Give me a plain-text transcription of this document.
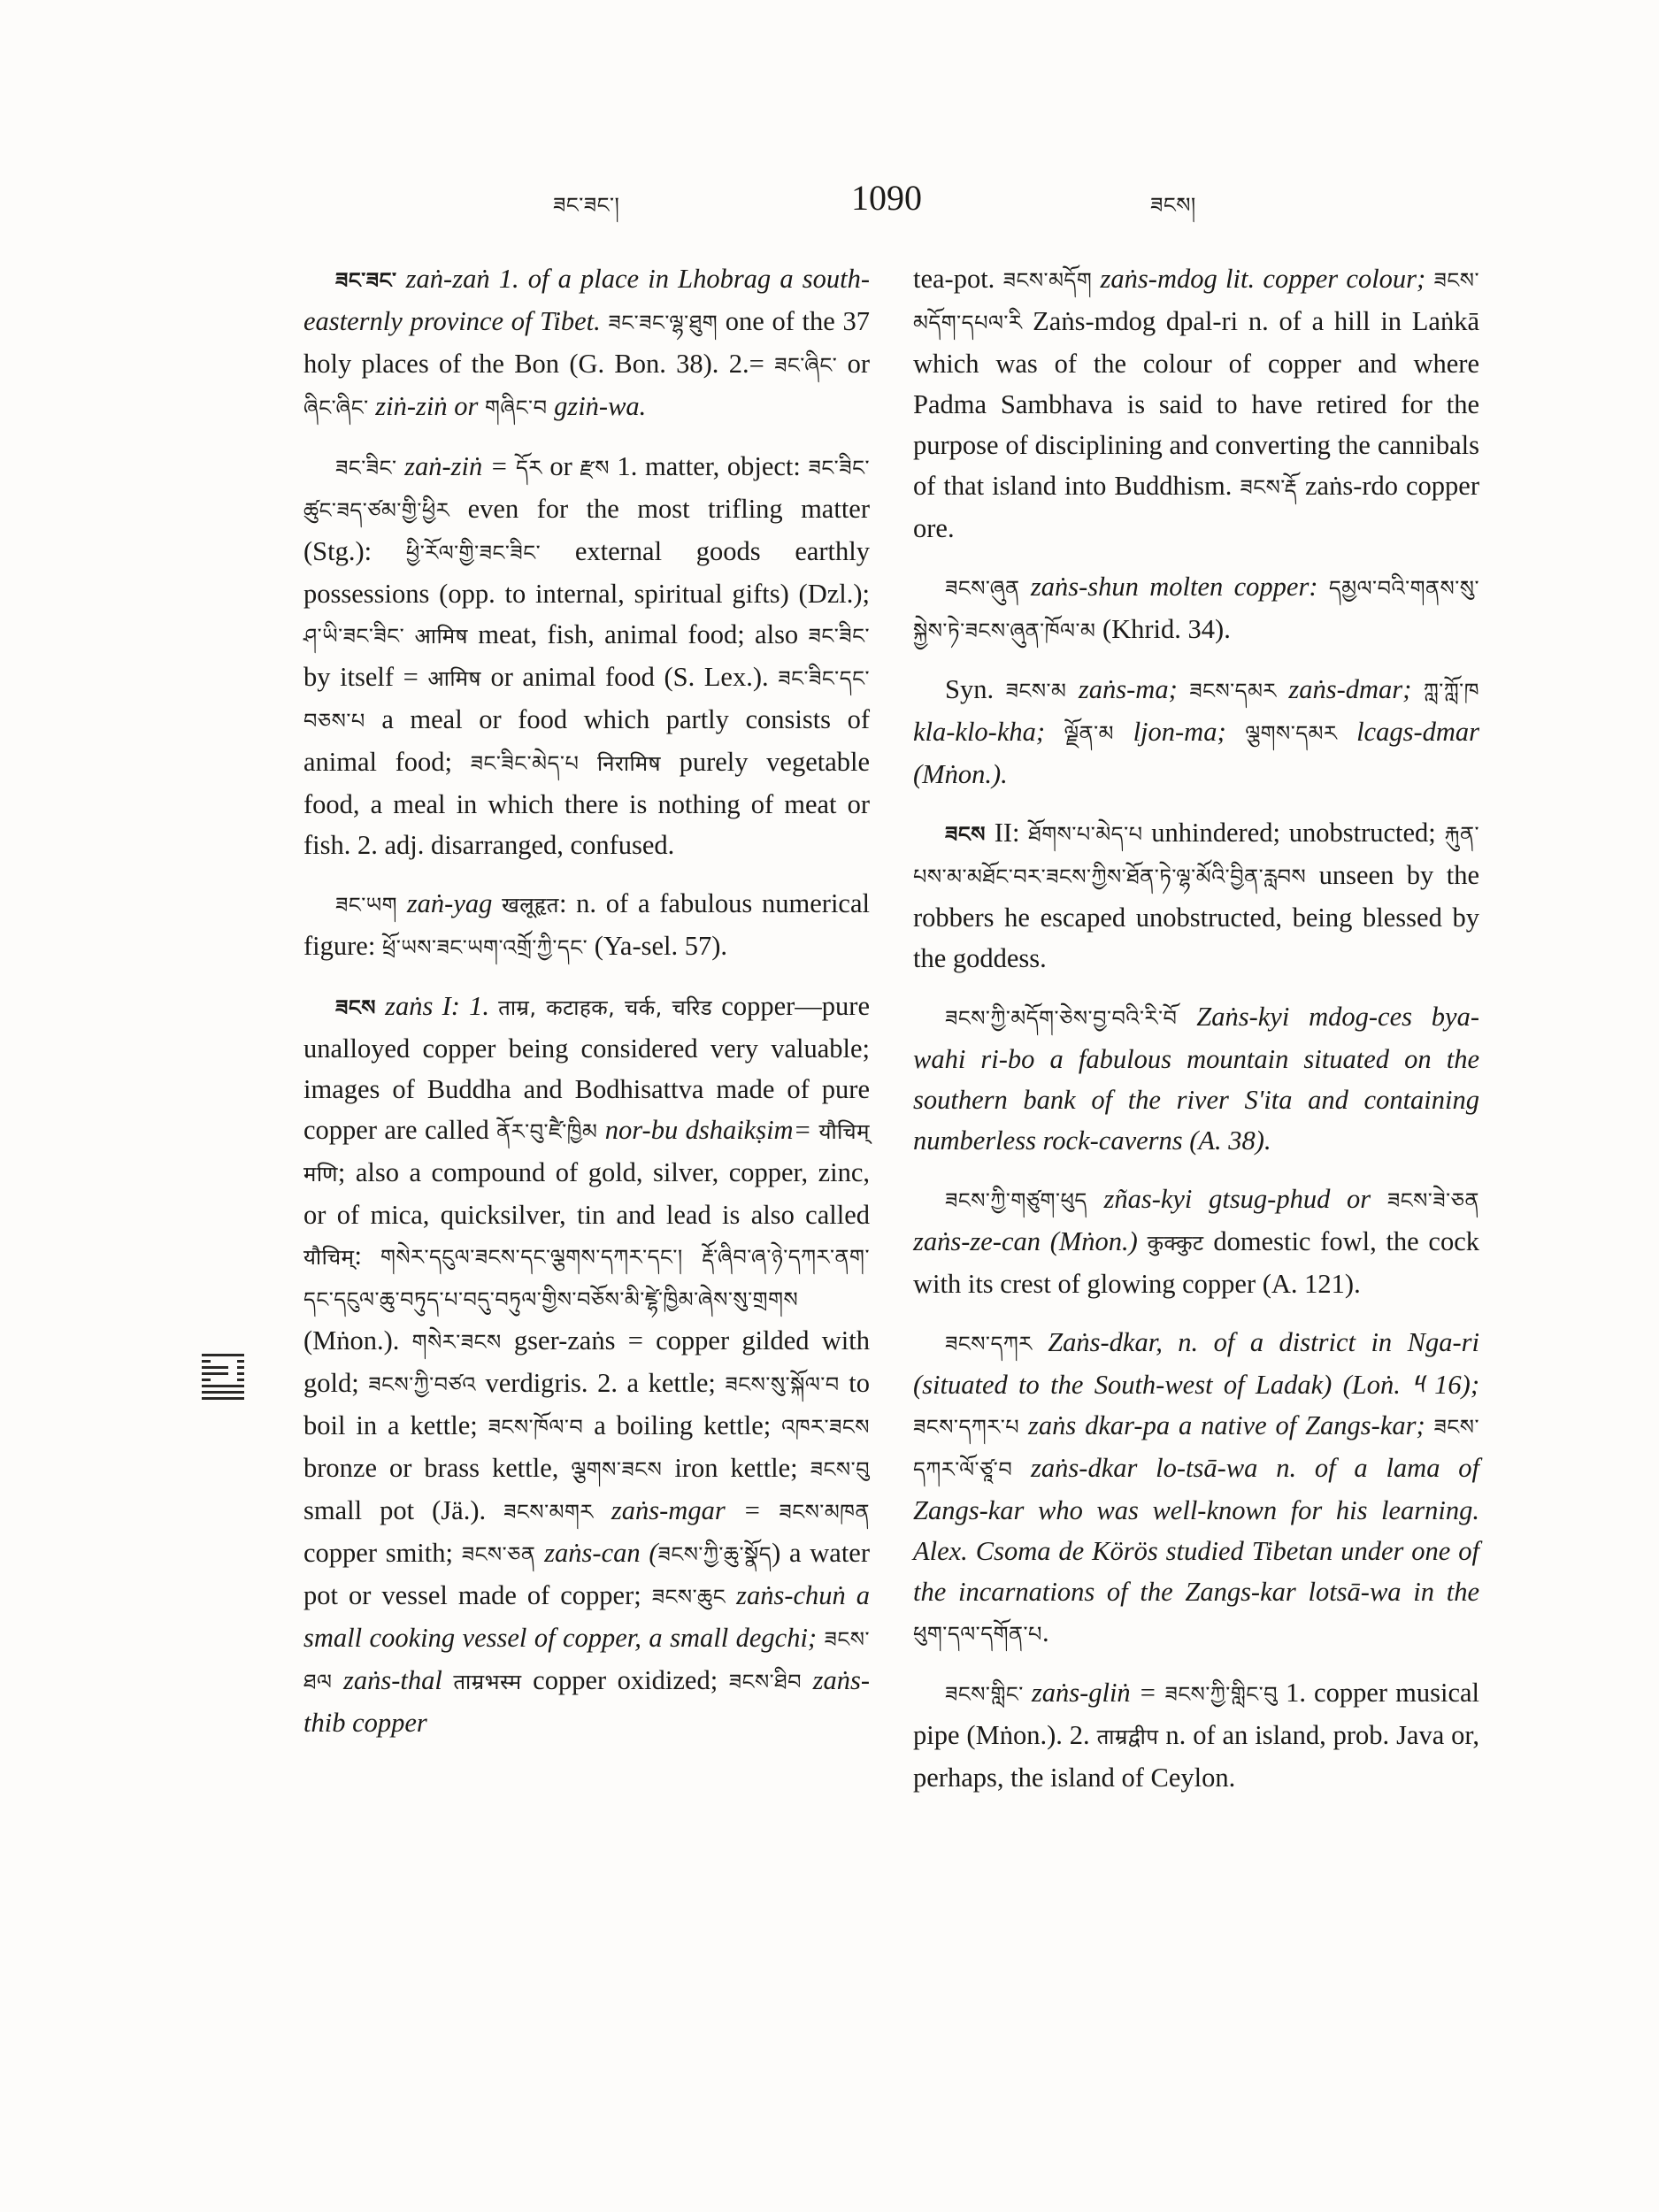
ཟང་ཟང་།	1090	ཟངས།

ཟང་ཟང་ zaṅ-zaṅ 1. of a place in Lhobrag a south-easternly province of Tibet. ཟང་ཟང་ལྷ་ཐུག one of the 37 holy places of the Bon (G. Bon. 38). 2.= ཟང་ཞིང་ or ཞིང་ཞིང་ ziṅ-ziṅ or གཞིང་བ gziṅ-wa.

ཟང་ཟིང་ zaṅ-ziṅ = དོར or རྫས 1. matter, object: ཟང་ཟིང་ཚུང་ཟད་ཙམ་གྱི་ཕྱིར even for the most trifling matter (Stg.): ཕྱི་རོལ་གྱི་ཟང་ཟིང་ external goods earthly possessions (opp. to internal, spiritual gifts) (Dzl.); ཤ་ཡི་ཟང་ཟིང་ आमिष meat, fish, animal food; also ཟང་ཟིང་ by itself = आमिष or animal food (S. Lex.). ཟང་ཟིང་དང་བཅས་པ a meal or food which partly consists of animal food; ཟང་ཟིང་མེད་པ निरामिष purely vegetable food, a meal in which there is nothing of meat or fish. 2. adj. disarranged, confused.

ཟང་ཡག zaṅ-yag खलूहृत: n. of a fabulous numerical figure: ཕྲོ་ཡས་ཟང་ཡག་འགྲོ་ཀྱི་དང་ (Ya-sel. 57).

ཟངས zaṅs I: 1. ताम्र, कटाहक, चर्क, चरिड copper—pure unalloyed copper being considered very valuable; images of Buddha and Bodhisattva made of pure copper are called ནོར་བུ་ཛཻ་ཁྱིམ nor-bu dshaikṣim= यौचिम् मणि; also a compound of gold, silver, copper, zinc, or of mica, quicksilver, tin and lead is also called यौचिम्: གསེར་དངུལ་ཟངས་དང་ལྕགས་དཀར་དང་། རྡོ་ཞིབ་ཞ་ཉེ་དཀར་ནག་དང་དངུལ་ཆུ་བཏུད་པ་བདུ་བཏུལ་གྱིས་བཅོས་མི་ཛྷེ་ཁྱིམ་ཞེས་སུ་གྲགས (Mṅon.). གསེར་ཟངས gser-zaṅs = copper gilded with gold; ཟངས་ཀྱི་བཙའ verdigris. 2. a kettle; ཟངས་སུ་སྐོལ་བ to boil in a kettle; ཟངས་ཁོལ་བ a boiling kettle; འཁར་ཟངས bronze or brass kettle, ལྕགས་ཟངས iron kettle; ཟངས་བུ small pot (Jä.). ཟངས་མགར zaṅs-mgar = ཟངས་མཁན copper smith; ཟངས་ཅན zaṅs-can (ཟངས་ཀྱི་ཆུ་སྣོད) a water pot or vessel made of copper; ཟངས་ཆུང zaṅs-chuṅ a small cooking vessel of copper, a small degchi; ཟངས་ཐལ zaṅs-thal ताम्रभस्म copper oxidized; ཟངས་ཐིབ zaṅs-thib copper

tea-pot. ཟངས་མདོག zaṅs-mdog lit. copper colour; ཟངས་མདོག་དཔལ་རི Zaṅs-mdog dpal-ri n. of a hill in Laṅkā which was of the colour of copper and where Padma Sambhava is said to have retired for the purpose of disciplining and converting the cannibals of that island into Buddhism. ཟངས་རྡོ zaṅs-rdo copper ore.

ཟངས་ཞུན zaṅs-shun molten copper: དམྱལ་བའི་གནས་སུ་སྐྱེས་ཏེ་ཟངས་ཞུན་ཁོལ་མ (Khrid. 34).

Syn. ཟངས་མ zaṅs-ma; ཟངས་དམར zaṅs-dmar; ཀླ་ཀློ་ཁ kla-klo-kha; ལྗོན་མ ljon-ma; ལྕགས་དམར lcags-dmar (Mṅon.).

ཟངས II: ཐོགས་པ་མེད་པ unhindered; unobstructed; རྐུན་པས་མ་མཐོང་བར་ཟངས་ཀྱིས་ཐོན་ཏེ་ལྷ་མོའི་བྱིན་རླབས unseen by the robbers he escaped unobstructed, being blessed by the goddess.

ཟངས་ཀྱི་མདོག་ཅེས་བྱ་བའི་རི་བོ Zaṅs-kyi mdog-ces bya-wahi ri-bo a fabulous mountain situated on the southern bank of the river S'ita and containing numberless rock-caverns (A. 38).

ཟངས་ཀྱི་གཙུག་ཕུད zñas-kyi gtsug-phud or ཟངས་ཟེ་ཅན zaṅs-ze-can (Mṅon.) कुक्कुट domestic fowl, the cock with its crest of glowing copper (A. 121).

ཟངས་དཀར Zaṅs-dkar, n. of a district in Nga-ri (situated to the South-west of Ladak) (Loṅ. ༥ 16); ཟངས་དཀར་པ zaṅs dkar-pa a native of Zangs-kar; ཟངས་དཀར་ལོ་ཙཱ་བ zaṅs-dkar lo-tsā-wa n. of a lama of Zangs-kar who was well-known for his learning. Alex. Csoma de Körös studied Tibetan under one of the incarnations of the Zangs-kar lotsā-wa in the ཕུག་དལ་དགོན་པ.

ཟངས་གླིང་ zaṅs-gliṅ = ཟངས་ཀྱི་གླིང་བུ 1. copper musical pipe (Mṅon.). 2. ताम्रद्वीप n. of an island, prob. Java or, perhaps, the island of Ceylon.
